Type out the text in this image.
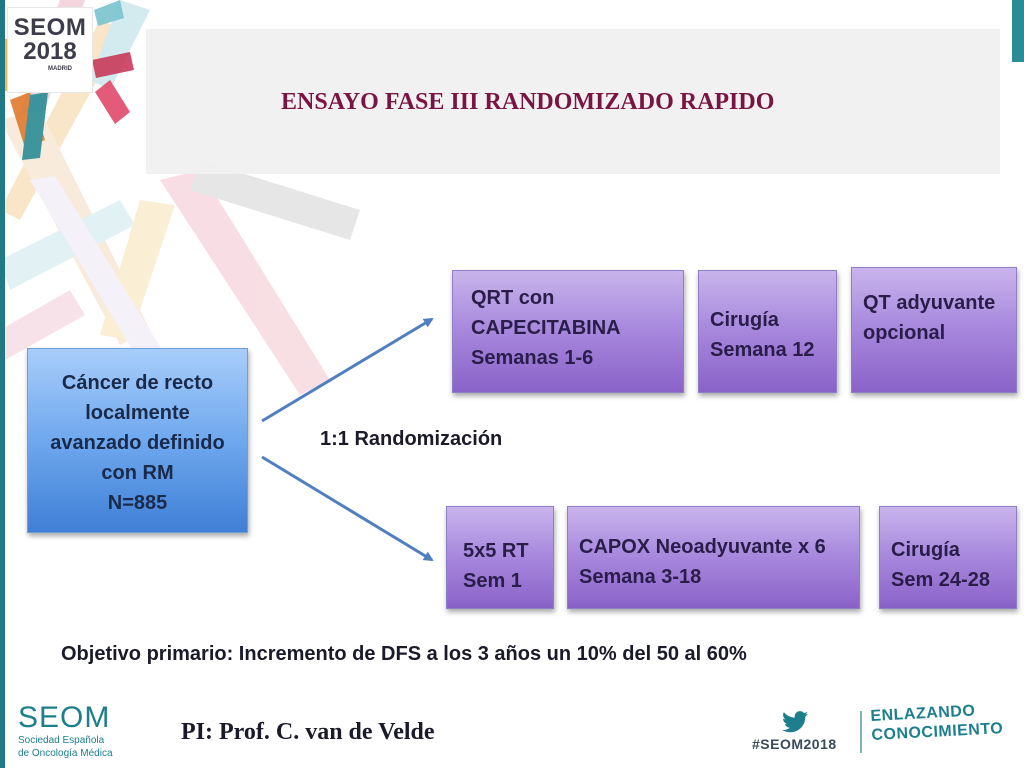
SEOM
2018
MADRID
ENSAYO FASE III RANDOMIZADO RAPIDO
Cáncer de recto
localmente
avanzado definido
con RM
N=885
QRT con
CAPECITABINA
Semanas 1-6
Cirugía
Semana 12
QT adyuvante
opcional
1:1 Randomización
5x5 RT
Sem 1
CAPOX Neoadyuvante x 6
Semana 3-18
Cirugía
Sem 24-28
Objetivo primario: Incremento de DFS a los 3 años un 10% del 50 al 60%
PI: Prof. C. van de Velde
SEOM
Sociedad Española
de Oncología Médica
#SEOM2018
ENLAZANDO
CONOCIMIENTO
